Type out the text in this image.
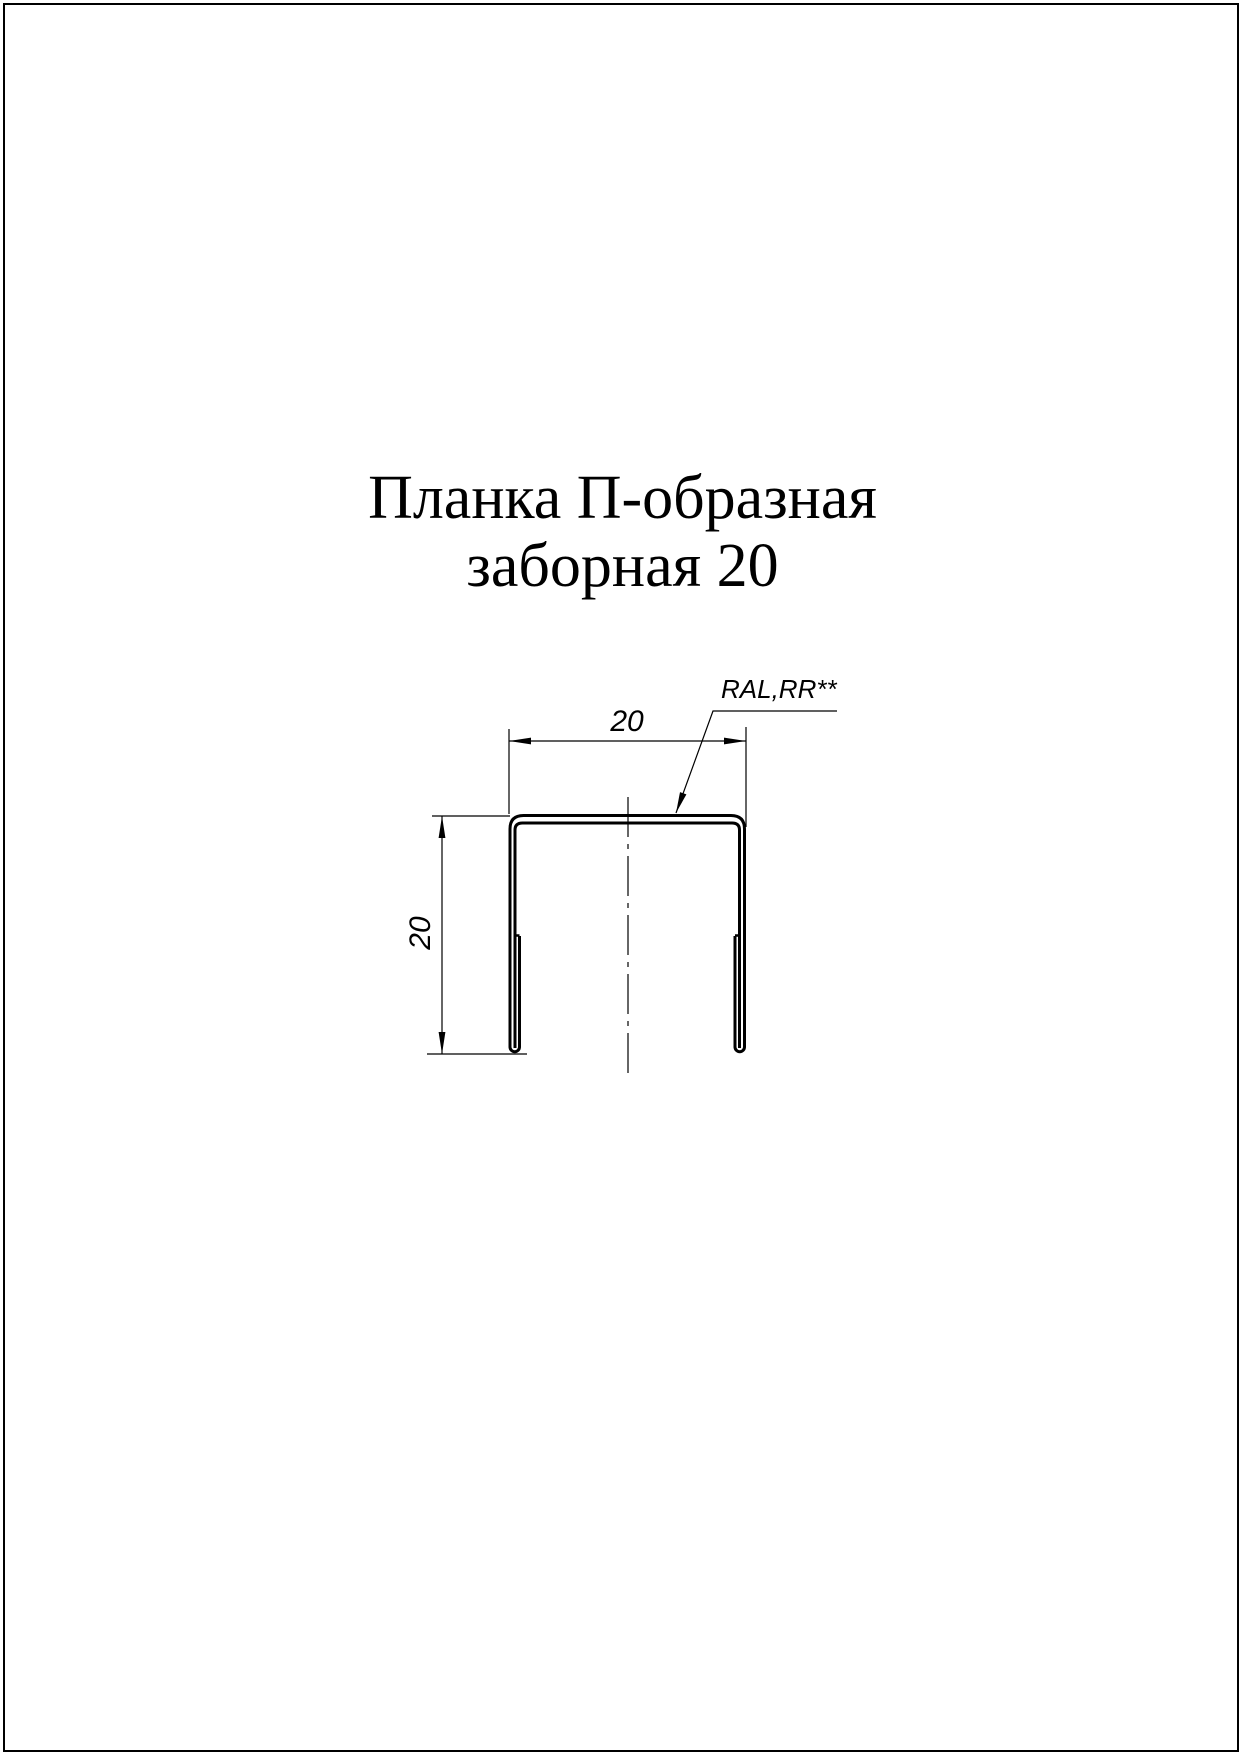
Планка П-образная
заборная 20
20
20
RAL,RR**
